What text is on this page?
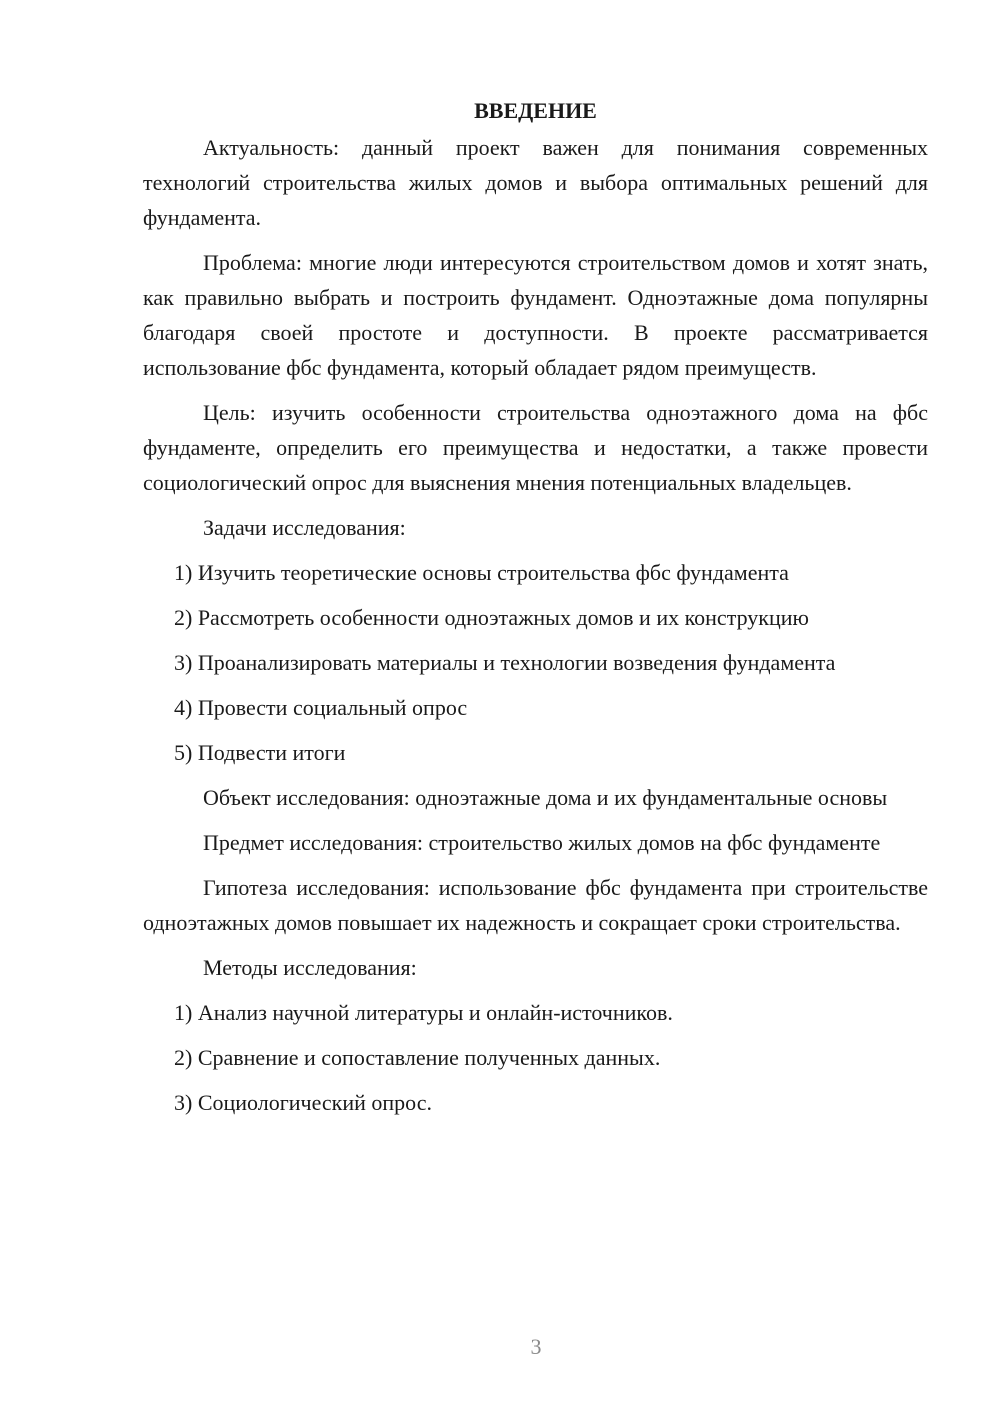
ВВЕДЕНИЕ

Актуальность: данный проект важен для понимания современных технологий строительства жилых домов и выбора оптимальных решений для фундамента.

Проблема: многие люди интересуются строительством домов и хотят знать, как правильно выбрать и построить фундамент. Одноэтажные дома популярны благодаря своей простоте и доступности. В проекте рассматривается использование фбс фундамента, который обладает рядом преимуществ.

Цель: изучить особенности строительства одноэтажного дома на фбс фундаменте, определить его преимущества и недостатки, а также провести социологический опрос для выяснения мнения потенциальных владельцев.

Задачи исследования:

1) Изучить теоретические основы строительства фбс фундамента
2) Рассмотреть особенности одноэтажных домов и их конструкцию
3) Проанализировать материалы и технологии возведения фундамента
4) Провести социальный опрос
5) Подвести итоги

Объект исследования: одноэтажные дома и их фундаментальные основы

Предмет исследования: строительство жилых домов на фбс фундаменте

Гипотеза исследования: использование фбс фундамента при строительстве одноэтажных домов повышает их надежность и сокращает сроки строительства.

Методы исследования:

1) Анализ научной литературы и онлайн-источников.
2) Сравнение и сопоставление полученных данных.
3) Социологический опрос.
3
